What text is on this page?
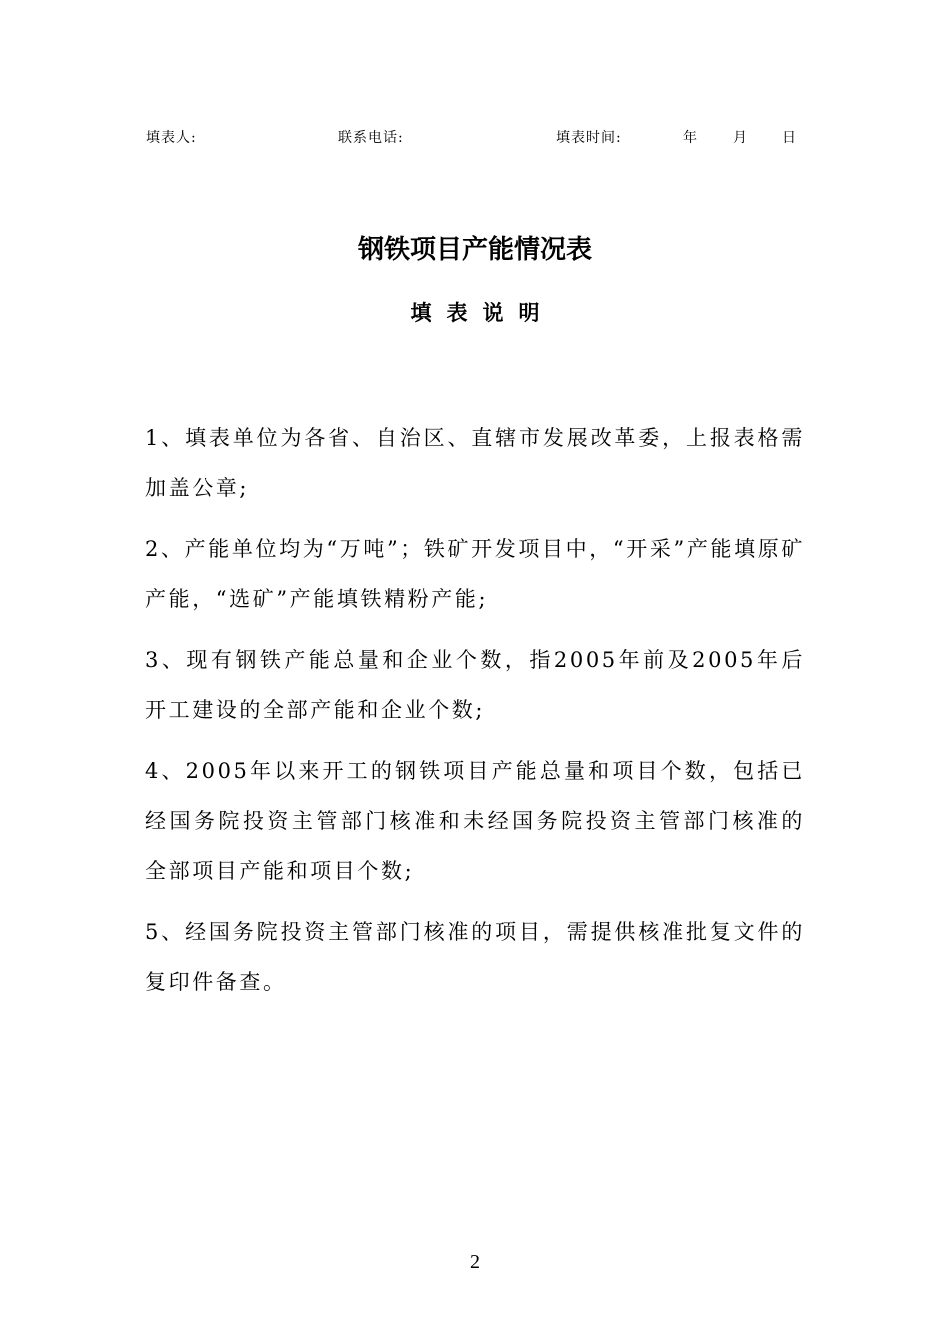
填表人:	联系电话:	填表时间:	年	月 日
钢铁项目产能情况表
填表说明
1、填表单位为各省、自治区、直辖市发展改革委，上报表格需加盖公章;
2、产能单位均为“万吨”；铁矿开发项目中，“开采”产能填原矿产能，“选矿”产能填铁精粉产能;
3、现有钢铁产能总量和企业个数，指2005年前及2005年后开工建设的全部产能和企业个数;
4、2005年以来开工的钢铁项目产能总量和项目个数，包括已经国务院投资主管部门核准和未经国务院投资主管部门核准的全部项目产能和项目个数;
5、经国务院投资主管部门核准的项目，需提供核准批复文件的复印件备查。
2
